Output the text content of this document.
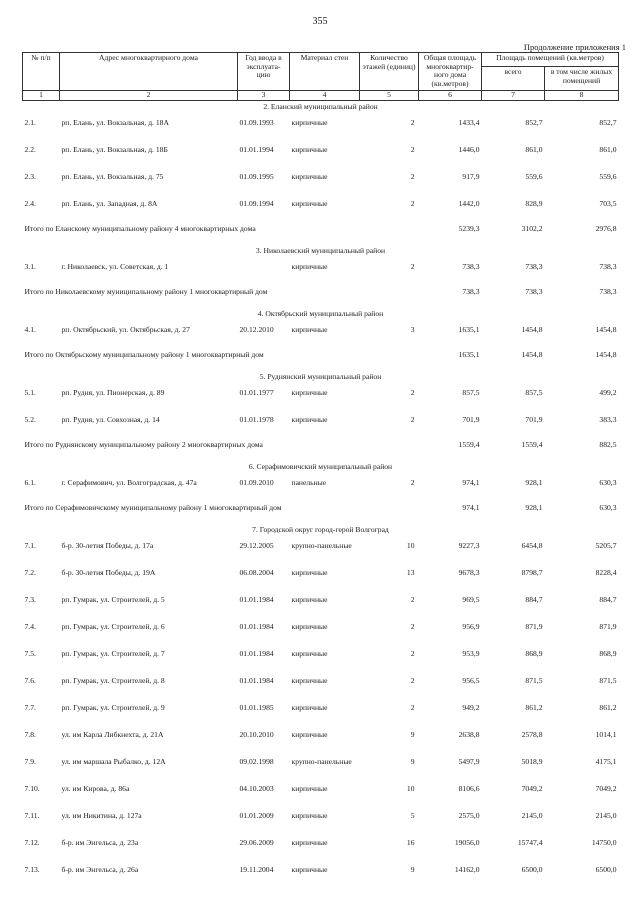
355
Продолжение приложения 1
№ п/п	Адрес многоквартирного дома	Год ввода в эксплуата- цию	Материал стен	Количество этажей (единиц)	Общая площадь многоквартир- ного дома (кв.метров)	Площадь помещений (кв.метров)	
						всего	в том числе жилых помещений
1	2	3	4	5	6	7	8
2. Еланский муниципальный район							
2.1.	рп. Елань, ул. Вокзальная, д. 18А	01.09.1993	кирпичные	2	1433,4	852,7	852,7
2.2.	рп. Елань, ул. Вокзальная, д. 18Б	01.01.1994	кирпичные	2	1446,0	861,0	861,0
2.3.	рп. Елань, ул. Вокзальная, д. 75	01.09.1995	кирпичные	2	917,9	559,6	559,6
2.4.	рп. Елань, ул. Западная, д. 8А	01.09.1994	кирпичные	2	1442,0	828,9	703,5
Итого по Еланскому муниципальному району 4 многоквартирных дома					5239,3	3102,2	2976,8
3. Николаевский муниципальный район							
3.1.	г. Николаевск, ул. Советская, д. 1		кирпичные	2	738,3	738,3	738,3
Итого по Николаевскому муниципальному району 1 многоквартирный дом					738,3	738,3	738,3
4. Октябрьский муниципальный район							
4.1.	рп. Октябрьский, ул. Октябрьская, д. 27	20.12.2010	кирпичные	3	1635,1	1454,8	1454,8
Итого по Октябрьскому муниципальному району 1 многоквартирный дом					1635,1	1454,8	1454,8
5. Руднянский муниципальный район							
5.1.	рп. Рудня, ул. Пионерская, д. 89	01.01.1977	кирпичные	2	857,5	857,5	499,2
5.2.	рп. Рудня, ул. Совхозная, д. 14	01.01.1978	кирпичные	2	701,9	701,9	383,3
Итого по Руднянскому муниципальному району 2 многоквартирных дома					1559,4	1559,4	882,5
6. Серафимовичский муниципальный район							
6.1.	г. Серафимович, ул. Волгоградская, д. 47а	01.09.2010	панельные	2	974,1	928,1	630,3
Итого по Серафимовичскому муниципальному району 1 многоквартирный дом					974,1	928,1	630,3
7. Городской округ город-герой Волгоград							
7.1.	б-р. 30-летия Победы, д. 17а	29.12.2005	крупно-панельные	10	9227,3	6454,8	5205,7
7.2.	б-р. 30-летия Победы, д. 19А	06.08.2004	кирпичные	13	9678,3	8798,7	8228,4
7.3.	рп. Гумрак, ул. Строителей, д. 5	01.01.1984	кирпичные	2	969,5	884,7	884,7
7.4.	рп. Гумрак, ул. Строителей, д. 6	01.01.1984	кирпичные	2	956,9	871,9	871,9
7.5.	рп. Гумрак, ул. Строителей, д. 7	01.01.1984	кирпичные	2	953,9	868,9	868,9
7.6.	рп. Гумрак, ул. Строителей, д. 8	01.01.1984	кирпичные	2	956,5	871,5	871,5
7.7.	рп. Гумрак, ул. Строителей, д. 9	01.01.1985	кирпичные	2	949,2	861,2	861,2
7.8.	ул. им Карла Либкнехта, д. 21А	20.10.2010	кирпичные	9	2638,8	2578,8	1014,1
7.9.	ул. им маршала Рыбалко, д. 12А	09.02.1998	крупно-панельные	9	5497,9	5018,9	4175,1
7.10.	ул. им Кирова, д. 86а	04.10.2003	кирпичные	10	8106,6	7049,2	7049,2
7.11.	ул. им Никитина, д. 127а	01.01.2009	кирпичные	5	2575,0	2145,0	2145,0
7.12.	б-р. им Энгельса, д. 23а	29.06.2009	кирпичные	16	19056,0	15747,4	14750,0
7.13.	б-р. им Энгельса, д. 26а	19.11.2004	кирпичные	9	14162,0	6500,0	6500,0
